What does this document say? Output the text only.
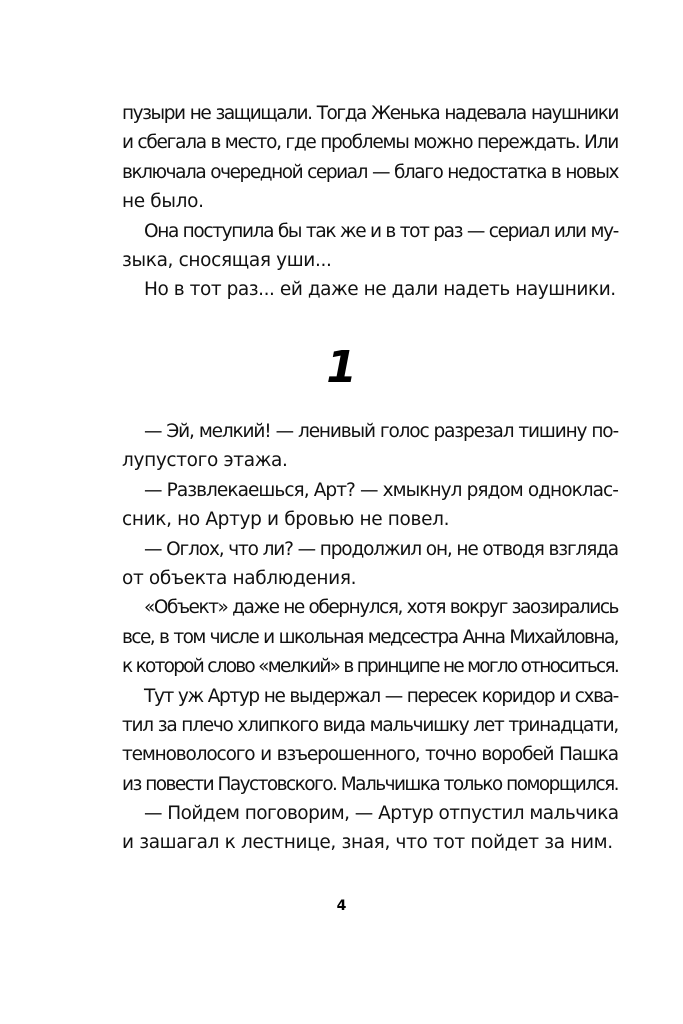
пузыри не защищали. Тогда Женька надевала наушники
и сбегала в место, где проблемы можно переждать. Или
включала очередной сериал — благо недостатка в новых
не было.
Она поступила бы так же и в тот раз — сериал или му-
зыка, сносящая уши...
Но в тот раз... ей даже не дали надеть наушники.
1
— Эй, мелкий! — ленивый голос разрезал тишину по-
лупустого этажа.
— Развлекаешься, Арт? — хмыкнул рядом одноклас-
сник, но Артур и бровью не повел.
— Оглох, что ли? — продолжил он, не отводя взгляда
от объекта наблюдения.
«Объект» даже не обернулся, хотя вокруг заозирались
все, в том числе и школьная медсестра Анна Михайловна,
к которой слово «мелкий» в принципе не могло относиться.
Тут уж Артур не выдержал — пересек коридор и схва-
тил за плечо хлипкого вида мальчишку лет тринадцати,
темноволосого и взъерошенного, точно воробей Пашка
из повести Паустовского. Мальчишка только поморщился.
— Пойдем поговорим, — Артур отпустил мальчика
и зашагал к лестнице, зная, что тот пойдет за ним.
4
